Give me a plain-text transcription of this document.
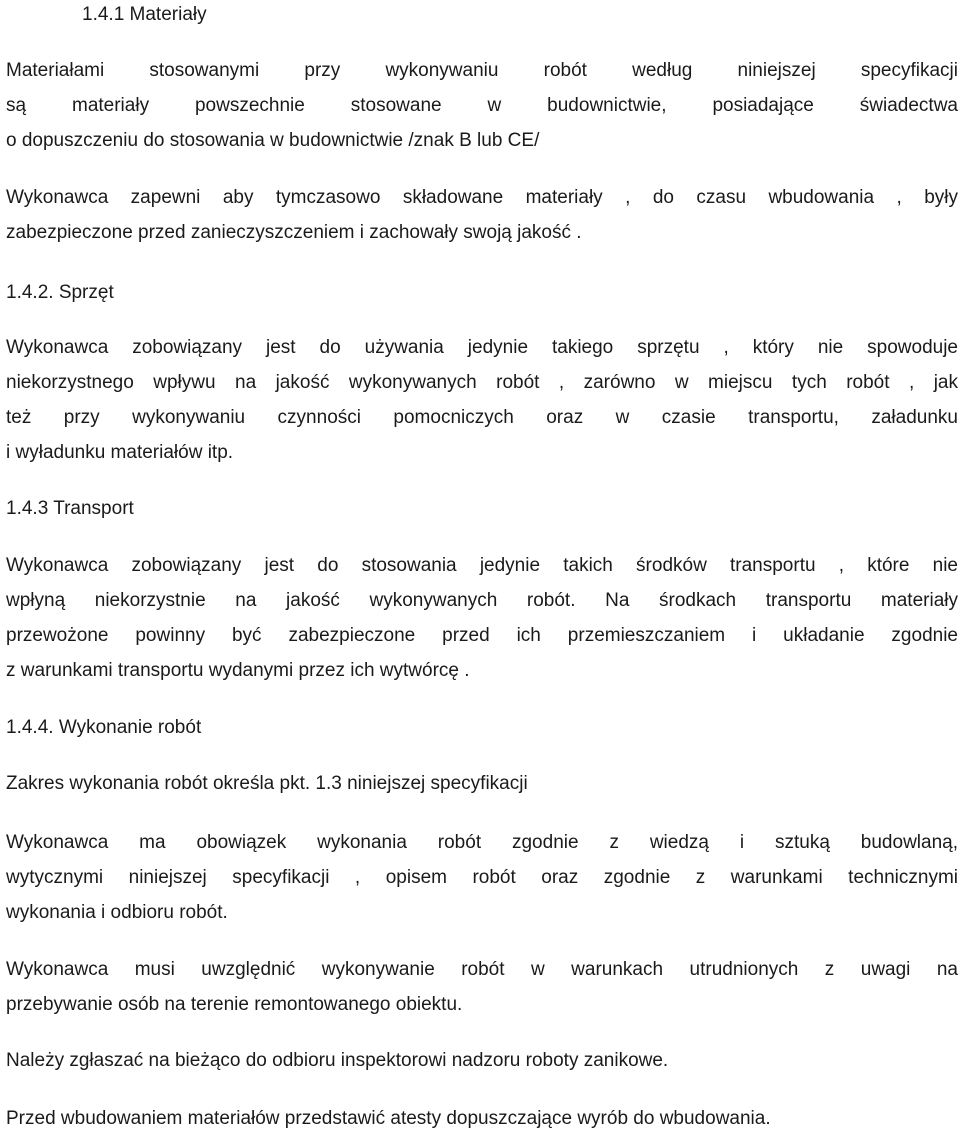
1.4.1 Materiały
Materiałami stosowanymi przy wykonywaniu robót według niniejszej specyfikacji
są materiały powszechnie stosowane w budownictwie, posiadające świadectwa
o dopuszczeniu do stosowania w budownictwie /znak B lub CE/
Wykonawca zapewni aby tymczasowo składowane materiały , do czasu wbudowania , były
zabezpieczone przed zanieczyszczeniem i zachowały swoją jakość .
1.4.2. Sprzęt
Wykonawca zobowiązany jest do używania jedynie takiego sprzętu , który nie spowoduje
niekorzystnego wpływu na jakość wykonywanych robót , zarówno w miejscu tych robót , jak
też przy wykonywaniu czynności pomocniczych oraz w czasie transportu, załadunku
i wyładunku materiałów itp.
1.4.3 Transport
Wykonawca zobowiązany jest do stosowania jedynie takich środków transportu , które nie
wpłyną niekorzystnie na jakość wykonywanych robót. Na środkach transportu materiały
przewożone powinny być zabezpieczone przed ich przemieszczaniem i układanie zgodnie
z warunkami transportu wydanymi przez ich wytwórcę .
1.4.4. Wykonanie robót
Zakres wykonania robót określa pkt. 1.3 niniejszej specyfikacji
Wykonawca ma obowiązek wykonania robót zgodnie z wiedzą i sztuką budowlaną,
wytycznymi niniejszej specyfikacji , opisem robót oraz zgodnie z warunkami technicznymi
wykonania i odbioru robót.
Wykonawca musi uwzględnić wykonywanie robót w warunkach utrudnionych z uwagi na
przebywanie osób na terenie remontowanego obiektu.
Należy zgłaszać na bieżąco do odbioru inspektorowi nadzoru roboty zanikowe.
Przed wbudowaniem materiałów przedstawić atesty dopuszczające wyrób do wbudowania.
